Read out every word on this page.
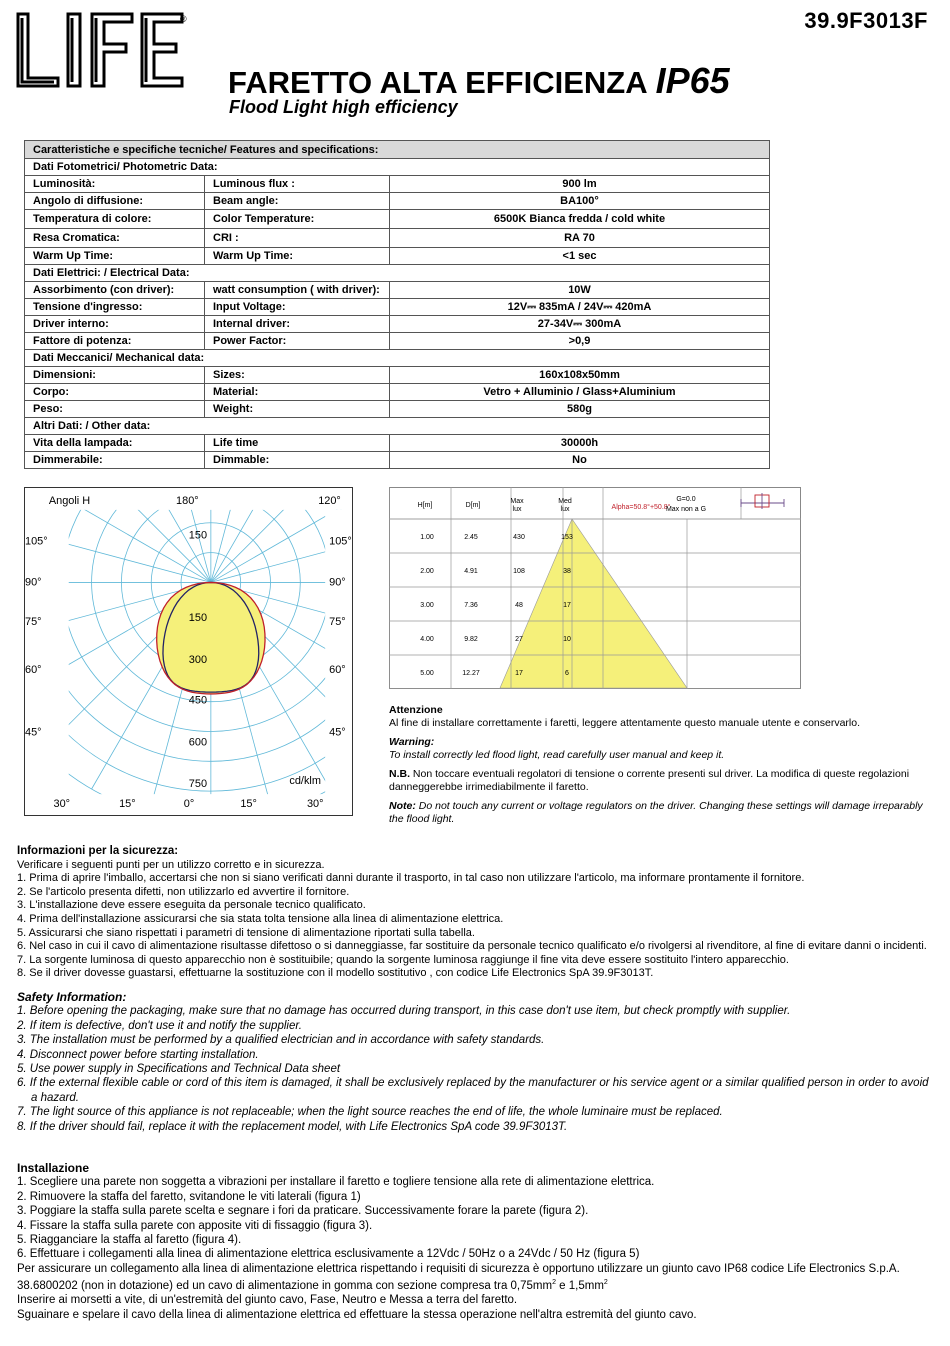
®	39.9F3013F
FARETTO ALTA EFFICIENZA IP65
Flood Light high efficiency
Caratteristiche e specifiche tecniche/ Features and specifications:		
Dati Fotometrici/ Photometric Data:		
Luminosità:	Luminous flux :	900 lm
Angolo di diffusione:	Beam angle:	BA100°
Temperatura di colore:	Color Temperature:	6500K Bianca fredda / cold white
Resa Cromatica:	CRI :	RA 70
Warm Up Time:	Warm Up Time:	<1 sec
Dati Elettrici: / Electrical Data:		
Assorbimento (con driver):	watt consumption ( with driver):	10W
Tensione d'ingresso:	Input Voltage:	12V⎓ 835mA / 24V⎓ 420mA
Driver interno:	Internal driver:	27-34V⎓ 300mA
Fattore di potenza:	Power Factor:	>0,9
Dati Meccanici/ Mechanical data:		
Dimensioni:	Sizes:	160x108x50mm
Corpo:	Material:	Vetro + Alluminio / Glass+Aluminium
Peso:	Weight:	580g
Altri Dati: / Other data:		
Vita della lampada:	Life time	30000h
Dimmerabile:	Dimmable:	No
Angoli H	180°	120°
105°	105°
90°	90°
75°	75°
60°	60°
45°	45°
30°	15°	0°	15°	30°
150
150
300
450
600
750	cd/klm
H[m]	D[m]
Max lux
Med lux	Alpha=50.8°+50.8°
G=0.0
Max non a G
1.00	2.45	430	153
2.00	4.91	108	38
3.00	7.36	48	17
4.00	9.82	27	10
5.00	12.27	17	6

Attenzione
Al fine di installare correttamente i faretti, leggere attentamente questo manuale utente e conservarlo.

Warning:
To install correctly led flood light, read carefully user manual and keep it.

N.B. Non toccare eventuali regolatori di tensione o corrente presenti sul driver. La modifica di queste regolazioni danneggerebbe irrimediabilmente il faretto.

Note: Do not touch any current or voltage regulators on the driver. Changing these settings will damage irreparably the flood light.

Informazioni per la sicurezza:
Verificare i seguenti punti per un utilizzo corretto e in sicurezza.
1. Prima di aprire l'imballo, accertarsi che non si siano verificati danni durante il trasporto, in tal caso non utilizzare l'articolo, ma informare prontamente il fornitore.
2. Se l'articolo presenta difetti, non utilizzarlo ed avvertire il fornitore.
3. L'installazione deve essere eseguita da personale tecnico qualificato.
4. Prima dell'installazione assicurarsi che sia stata tolta tensione alla linea di alimentazione elettrica.
5. Assicurarsi che siano rispettati i parametri di tensione di alimentazione riportati sulla tabella.
6. Nel caso in cui il cavo di alimentazione risultasse difettoso o si danneggiasse, far sostituire da personale tecnico qualificato e/o rivolgersi al rivenditore, al fine di evitare danni o incidenti.
7. La sorgente luminosa di questo apparecchio non è sostituibile; quando la sorgente luminosa raggiunge il fine vita deve essere sostituito l'intero apparecchio.
8. Se il driver dovesse guastarsi, effettuarne la sostituzione con il modello sostitutivo , con codice Life Electronics SpA 39.9F3013T.
Safety Information:
1. Before opening the packaging, make sure that no damage has occurred during transport, in this case don't use item, but check promptly with supplier.
2. If item is defective, don't use it and notify the supplier.
3. The installation must be performed by a qualified electrician and in accordance with safety standards.
4. Disconnect power before starting installation.
5. Use power supply in Specifications and Technical Data sheet
6. If the external flexible cable or cord of this item is damaged, it shall be exclusively replaced by the manufacturer or his service agent or a similar qualified person in order to avoid a hazard.
7. The light source of this appliance is not replaceable; when the light source reaches the end of life, the whole luminaire must be replaced.
8. If the driver should fail, replace it with the replacement model, with Life Electronics SpA code 39.9F3013T.
Installazione
1. Scegliere una parete non soggetta a vibrazioni per installare il faretto e togliere tensione alla rete di alimentazione elettrica.
2. Rimuovere la staffa del faretto, svitandone le viti laterali (figura 1)
3. Poggiare la staffa sulla parete scelta e segnare i fori da praticare. Successivamente forare la parete (figura 2).
4. Fissare la staffa sulla parete con apposite viti di fissaggio (figura 3).
5. Riagganciare la staffa al faretto (figura 4).
6. Effettuare i collegamenti alla linea di alimentazione elettrica esclusivamente a 12Vdc / 50Hz o a 24Vdc / 50 Hz (figura 5)
Per assicurare un collegamento alla linea di alimentazione elettrica rispettando i requisiti di sicurezza è opportuno utilizzare un giunto cavo IP68 codice Life Electronics S.p.A.
38.6800202 (non in dotazione) ed un cavo di alimentazione in gomma con sezione compresa tra $0,75mm^2$ e $1,5mm^2$
Inserire ai morsetti a vite, di un'estremità del giunto cavo, Fase, Neutro e Messa a terra del faretto.
Sguainare e spelare il cavo della linea di alimentazione elettrica ed effettuare la stessa operazione nell'altra estremità del giunto cavo.
